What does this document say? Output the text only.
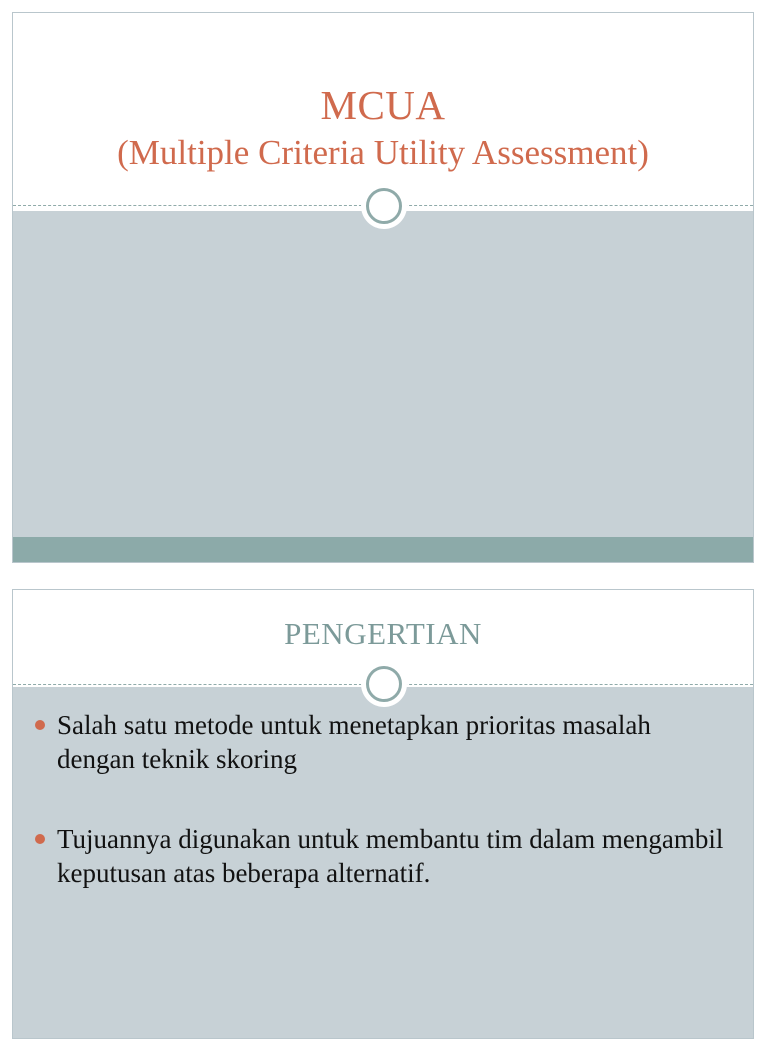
MCUA
(Multiple Criteria Utility Assessment)
PENGERTIAN
Salah satu metode untuk menetapkan prioritas masalah dengan teknik skoring
Tujuannya digunakan untuk membantu tim dalam mengambil keputusan atas beberapa alternatif.
